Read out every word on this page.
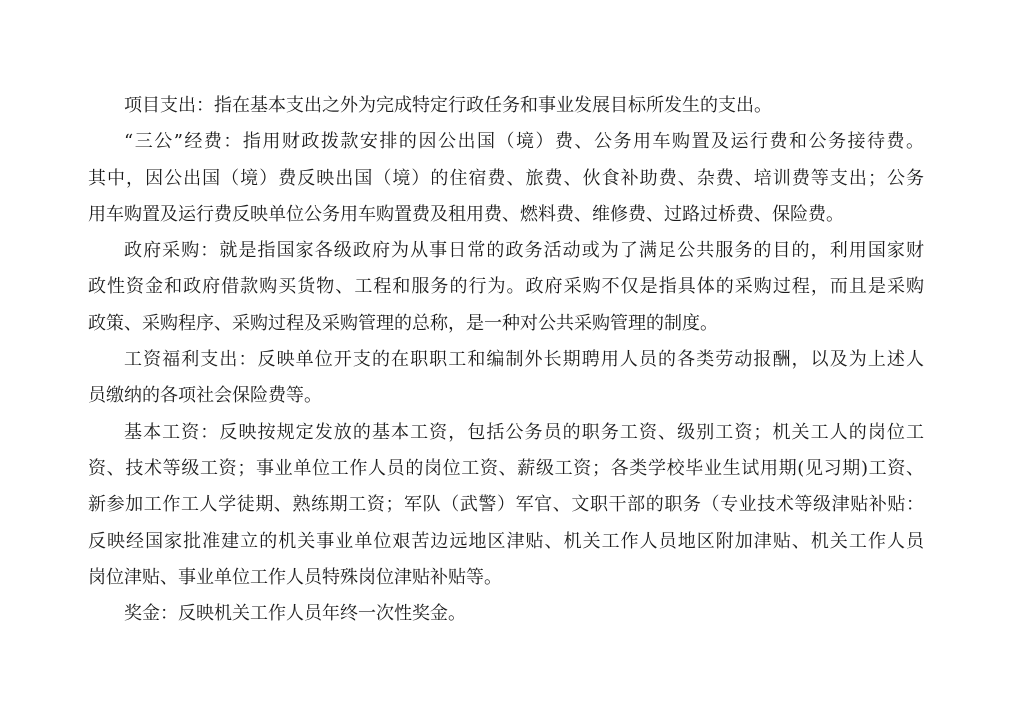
项目支出：指在基本支出之外为完成特定行政任务和事业发展目标所发生的支出。
“三公”经费：指用财政拨款安排的因公出国（境）费、公务用车购置及运行费和公务接待费。
其中，因公出国（境）费反映出国（境）的住宿费、旅费、伙食补助费、杂费、培训费等支出；公务
用车购置及运行费反映单位公务用车购置费及租用费、燃料费、维修费、过路过桥费、保险费。
政府采购：就是指国家各级政府为从事日常的政务活动或为了满足公共服务的目的，利用国家财
政性资金和政府借款购买货物、工程和服务的行为。政府采购不仅是指具体的采购过程，而且是采购
政策、采购程序、采购过程及采购管理的总称，是一种对公共采购管理的制度。
工资福利支出：反映单位开支的在职职工和编制外长期聘用人员的各类劳动报酬，以及为上述人
员缴纳的各项社会保险费等。
基本工资：反映按规定发放的基本工资，包括公务员的职务工资、级别工资；机关工人的岗位工
资、技术等级工资；事业单位工作人员的岗位工资、薪级工资；各类学校毕业生试用期(见习期)工资、
新参加工作工人学徒期、熟练期工资；军队（武警）军官、文职干部的职务（专业技术等级津贴补贴：
反映经国家批准建立的机关事业单位艰苦边远地区津贴、机关工作人员地区附加津贴、机关工作人员
岗位津贴、事业单位工作人员特殊岗位津贴补贴等。
奖金：反映机关工作人员年终一次性奖金。
